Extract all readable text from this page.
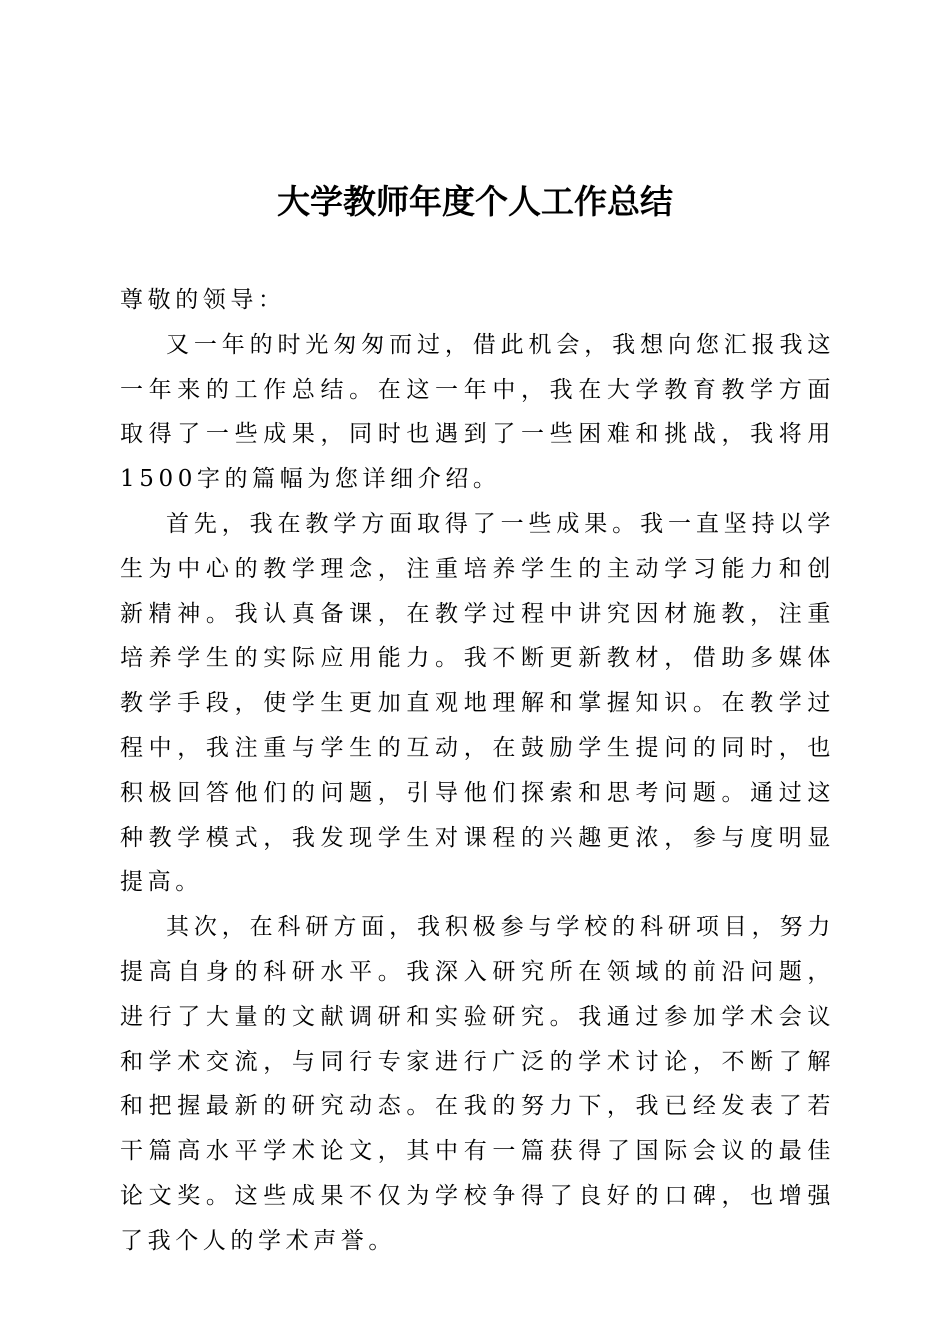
大学教师年度个人工作总结

尊敬的领导：

又一年的时光匆匆而过，借此机会，我想向您汇报我这一年来的工作总结。在这一年中，我在大学教育教学方面取得了一些成果，同时也遇到了一些困难和挑战，我将用1500字的篇幅为您详细介绍。

首先，我在教学方面取得了一些成果。我一直坚持以学生为中心的教学理念，注重培养学生的主动学习能力和创新精神。我认真备课，在教学过程中讲究因材施教，注重培养学生的实际应用能力。我不断更新教材，借助多媒体教学手段，使学生更加直观地理解和掌握知识。在教学过程中，我注重与学生的互动，在鼓励学生提问的同时，也积极回答他们的问题，引导他们探索和思考问题。通过这种教学模式，我发现学生对课程的兴趣更浓，参与度明显提高。

其次，在科研方面，我积极参与学校的科研项目，努力提高自身的科研水平。我深入研究所在领域的前沿问题，进行了大量的文献调研和实验研究。我通过参加学术会议和学术交流，与同行专家进行广泛的学术讨论，不断了解和把握最新的研究动态。在我的努力下，我已经发表了若干篇高水平学术论文，其中有一篇获得了国际会议的最佳论文奖。这些成果不仅为学校争得了良好的口碑，也增强了我个人的学术声誉。
